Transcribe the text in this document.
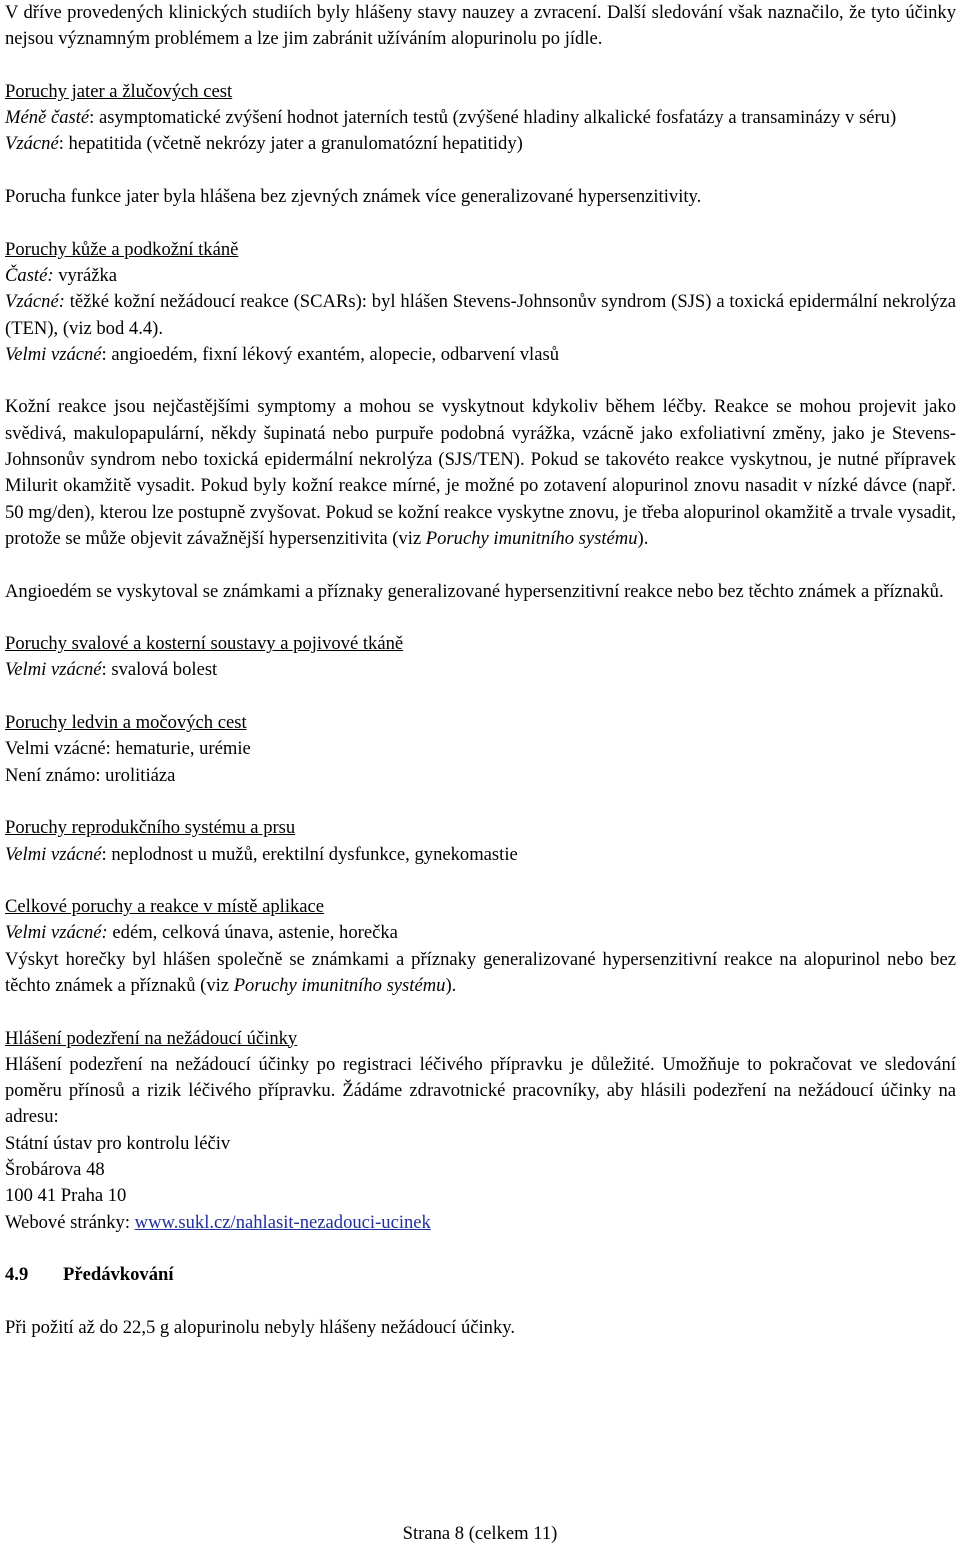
V dříve provedených klinických studiích byly hlášeny stavy nauzey a zvracení. Další sledování však naznačilo, že tyto účinky nejsou významným problémem a lze jim zabránit užíváním alopurinolu po jídle.

Poruchy jater a žlučových cest

Méně časté: asymptomatické zvýšení hodnot jaterních testů (zvýšené hladiny alkalické fosfatázy a transaminázy v séru)

Vzácné: hepatitida (včetně nekrózy jater a granulomatózní hepatitidy)

Porucha funkce jater byla hlášena bez zjevných známek více generalizované hypersenzitivity.

Poruchy kůže a podkožní tkáně

Časté: vyrážka

Vzácné: těžké kožní nežádoucí reakce (SCARs): byl hlášen Stevens-Johnsonův syndrom (SJS) a toxická epidermální nekrolýza (TEN), (viz bod 4.4).

Velmi vzácné: angioedém, fixní lékový exantém, alopecie, odbarvení vlasů

Kožní reakce jsou nejčastějšími symptomy a mohou se vyskytnout kdykoliv během léčby. Reakce se mohou projevit jako svědivá, makulopapulární, někdy šupinatá nebo purpuře podobná vyrážka, vzácně jako exfoliativní změny, jako je Stevens-Johnsonův syndrom nebo toxická epidermální nekrolýza (SJS/TEN). Pokud se takovéto reakce vyskytnou, je nutné přípravek Milurit okamžitě vysadit. Pokud byly kožní reakce mírné, je možné po zotavení alopurinol znovu nasadit v nízké dávce (např. 50 mg/den), kterou lze postupně zvyšovat. Pokud se kožní reakce vyskytne znovu, je třeba alopurinol okamžitě a trvale vysadit, protože se může objevit závažnější hypersenzitivita (viz Poruchy imunitního systému).

Angioedém se vyskytoval se známkami a příznaky generalizované hypersenzitivní reakce nebo bez těchto známek a příznaků.

Poruchy svalové a kosterní soustavy a pojivové tkáně

Velmi vzácné: svalová bolest

Poruchy ledvin a močových cest

Velmi vzácné: hematurie, urémie

Není známo: urolitiáza

Poruchy reprodukčního systému a prsu

Velmi vzácné: neplodnost u mužů, erektilní dysfunkce, gynekomastie

Celkové poruchy a reakce v místě aplikace

Velmi vzácné: edém, celková únava, astenie, horečka

Výskyt horečky byl hlášen společně se známkami a příznaky generalizované hypersenzitivní reakce na alopurinol nebo bez těchto známek a příznaků (viz Poruchy imunitního systému).

Hlášení podezření na nežádoucí účinky

Hlášení podezření na nežádoucí účinky po registraci léčivého přípravku je důležité. Umožňuje to pokračovat ve sledování poměru přínosů a rizik léčivého přípravku. Žádáme zdravotnické pracovníky, aby hlásili podezření na nežádoucí účinky na adresu:

Státní ústav pro kontrolu léčiv

Šrobárova 48

100 41 Praha 10

Webové stránky: www.sukl.cz/nahlasit-nezadouci-ucinek

4.9 Předávkování

Při požití až do 22,5 g alopurinolu nebyly hlášeny nežádoucí účinky.

Strana 8 (celkem 11)
